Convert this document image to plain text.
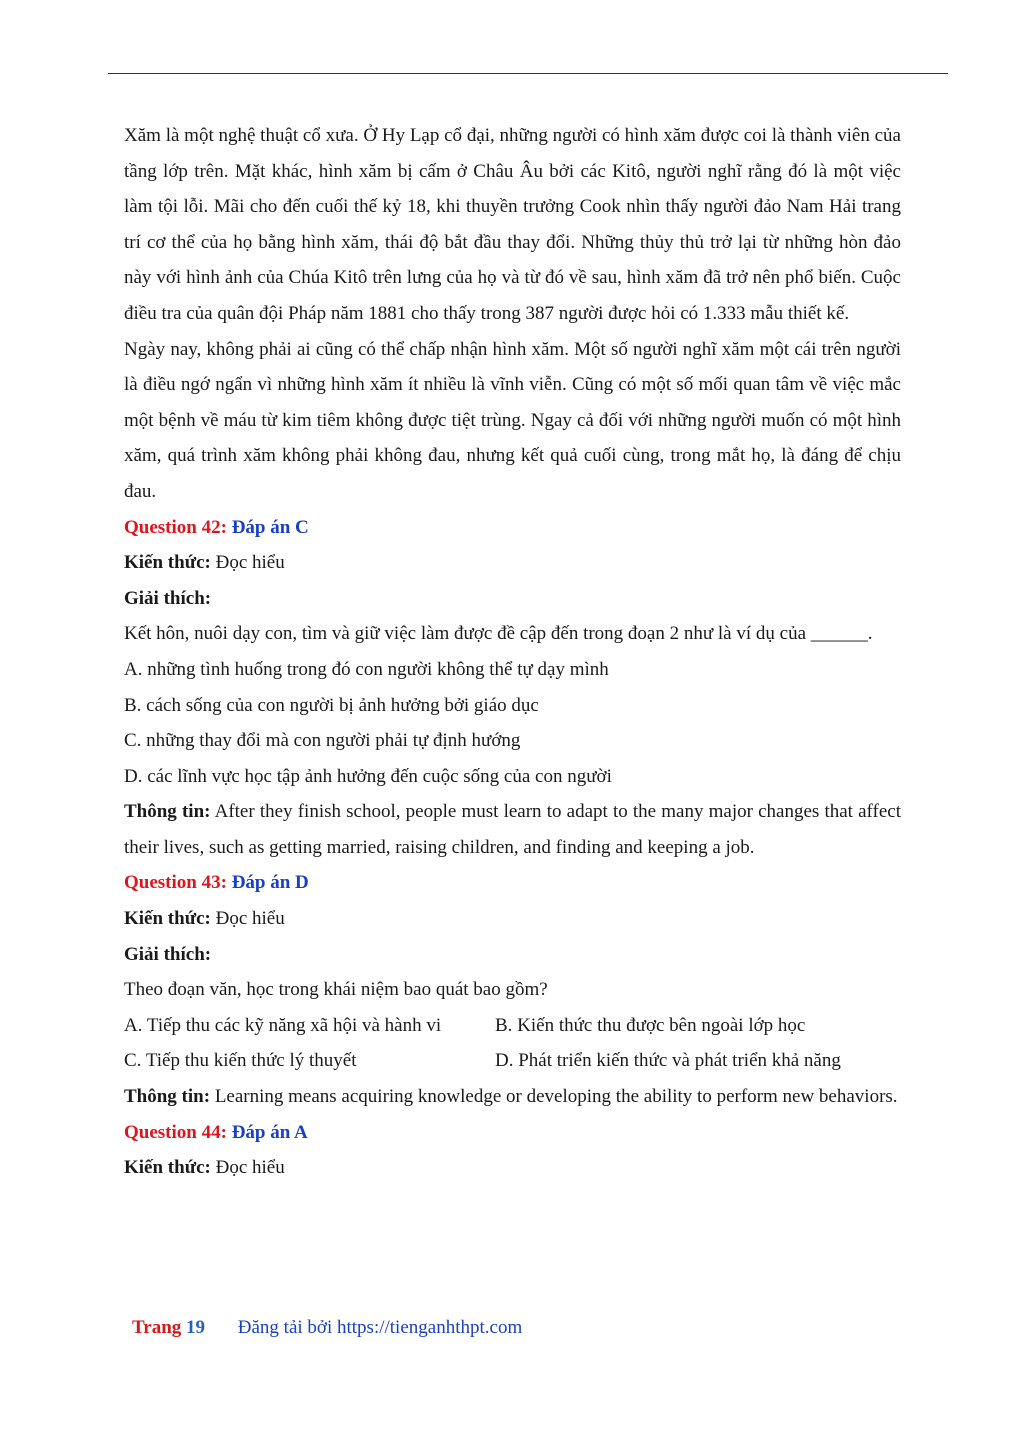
Xăm là một nghệ thuật cổ xưa. Ở Hy Lạp cổ đại, những người có hình xăm được coi là thành viên của tầng lớp trên. Mặt khác, hình xăm bị cấm ở Châu Âu bởi các Kitô, người nghĩ rằng đó là một việc làm tội lỗi. Mãi cho đến cuối thế kỷ 18, khi thuyền trưởng Cook nhìn thấy người đảo Nam Hải trang trí cơ thể của họ bằng hình xăm, thái độ bắt đầu thay đổi. Những thủy thủ trở lại từ những hòn đảo này với hình ảnh của Chúa Kitô trên lưng của họ và từ đó về sau, hình xăm đã trở nên phổ biến. Cuộc điều tra của quân đội Pháp năm 1881 cho thấy trong 387 người được hỏi có 1.333 mẫu thiết kế.

Ngày nay, không phải ai cũng có thể chấp nhận hình xăm. Một số người nghĩ xăm một cái trên người là điều ngớ ngẩn vì những hình xăm ít nhiều là vĩnh viễn. Cũng có một số mối quan tâm về việc mắc một bệnh về máu từ kim tiêm không được tiệt trùng. Ngay cả đối với những người muốn có một hình xăm, quá trình xăm không phải không đau, nhưng kết quả cuối cùng, trong mắt họ, là đáng để chịu đau.

Question 42: Đáp án C

Kiến thức: Đọc hiểu

Giải thích:

Kết hôn, nuôi dạy con, tìm và giữ việc làm được đề cập đến trong đoạn 2 như là ví dụ của ______.

A. những tình huống trong đó con người không thể tự dạy mình

B. cách sống của con người bị ảnh hưởng bởi giáo dục

C. những thay đổi mà con người phải tự định hướng

D. các lĩnh vực học tập ảnh hưởng đến cuộc sống của con người

Thông tin: After they finish school, people must learn to adapt to the many major changes that affect their lives, such as getting married, raising children, and finding and keeping a job.

Question 43: Đáp án D

Kiến thức: Đọc hiểu

Giải thích:

Theo đoạn văn, học trong khái niệm bao quát bao gồm?

A. Tiếp thu các kỹ năng xã hội và hành vi	B. Kiến thức thu được bên ngoài lớp học
C. Tiếp thu kiến thức lý thuyết	D. Phát triển kiến thức và phát triển khả năng

Thông tin: Learning means acquiring knowledge or developing the ability to perform new behaviors.

Question 44: Đáp án A

Kiến thức: Đọc hiểu

Trang 19 Đăng tải bởi https://tienganhthpt.com
